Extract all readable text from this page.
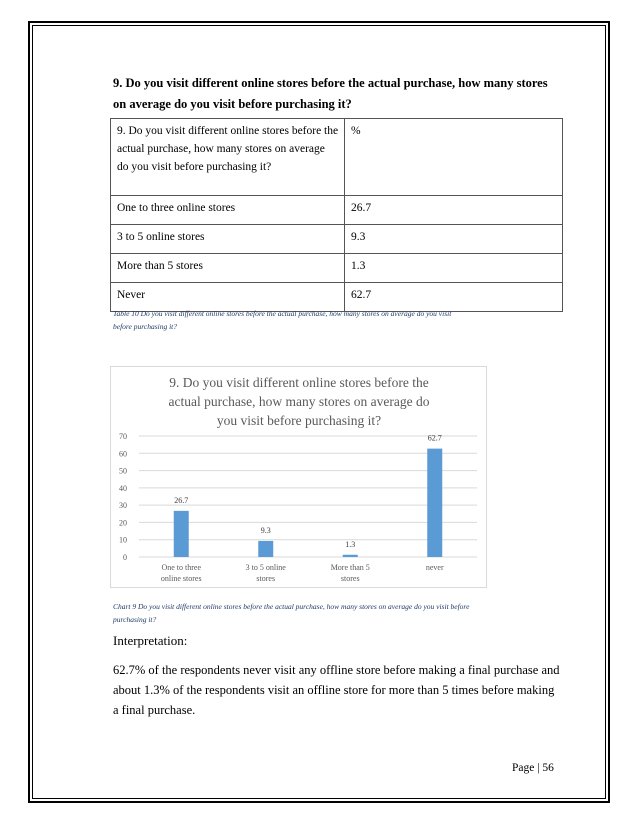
9. Do you visit different online stores before the actual purchase, how many stores
on average do you visit before purchasing it?
9. Do you visit different online stores before the actual purchase, how many stores on average do you visit before purchasing it?	%
One to three online stores	26.7
3 to 5 online stores	9.3
More than 5 stores	1.3
Never	62.7
Table 10 Do you visit different online stores before the actual purchase, how many stores on average do you visit
before purchasing it?
9. Do you visit different online stores before the
actual purchase, how many stores on average do
you visit before purchasing it?
0
10
20
30
40
50
60
70
26.7
One to three
online stores
9.3
3 to 5 online
stores
1.3
More than 5
stores
62.7
never
Chart 9 Do you visit different online stores before the actual purchase, how many stores on average do you visit before
purchasing it?
Interpretation:
62.7% of the respondents never visit any offline store before making a final purchase and
about 1.3% of the respondents visit an offline store for more than 5 times before making
a final purchase.
Page | 56
